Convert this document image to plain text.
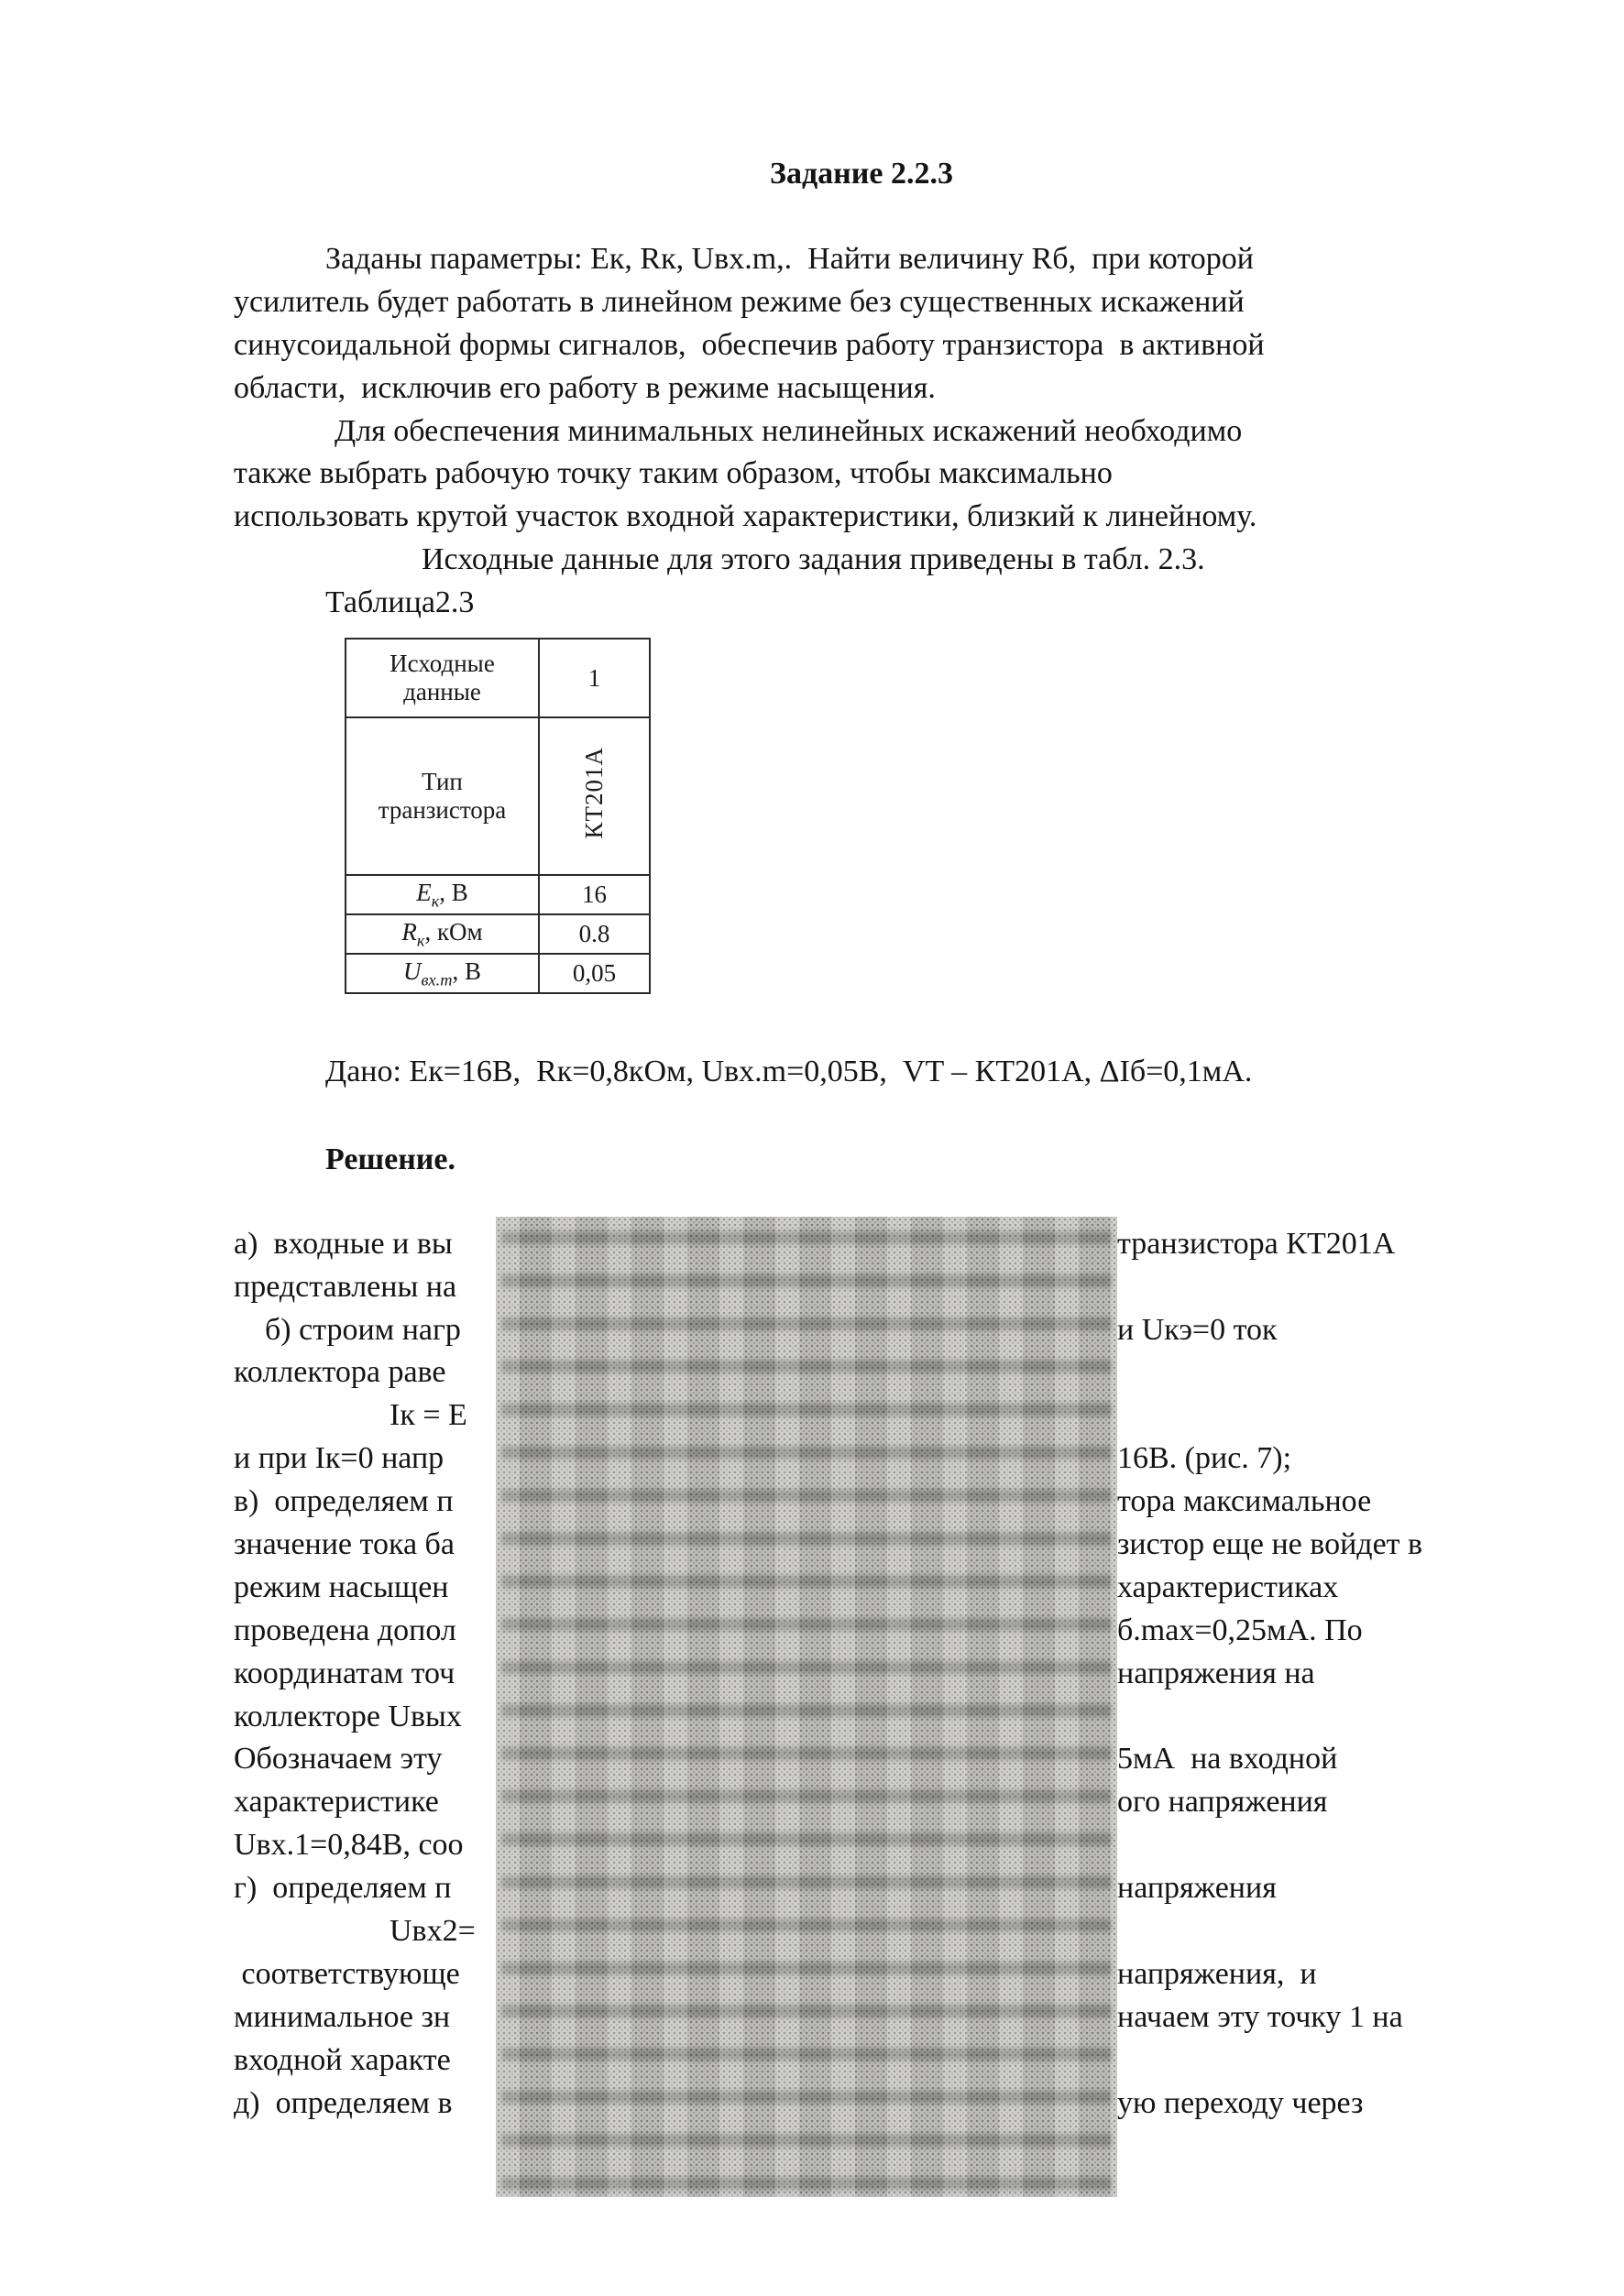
Задание 2.2.3
Заданы параметры: Ек, Rк, Uвх.m,.  Найти величину Rб,  при которой
усилитель будет работать в линейном режиме без существенных искажений
синусоидальной формы сигналов,  обеспечив работу транзистора  в активной
области,  исключив его работу в режиме насыщения.
Для обеспечения минимальных нелинейных искажений необходимо
также выбрать рабочую точку таким образом, чтобы максимально
использовать крутой участок входной характеристики, близкий к линейному.
Исходные данные для этого задания приведены в табл. 2.3.
Таблица2.3
Исходные
данные	1

Тип
транзистора	КТ201А
$E_к$, В	16
$R_к$, кОм	0.8
$U_{вх.m}$, В	0,05
Дано: Ек=16В,  Rк=0,8кОм, Uвх.m=0,05В,  VT – КТ201А, ΔIб=0,1мА.
Решение.
а)  входные и вы	транзистора КТ201А
представлены на
б) строим нагр	и Uкэ=0 ток
коллектора раве
Iк = Е
и при Iк=0 напр	16В. (рис. 7);
в)  определяем п	тора максимальное
значение тока ба	зистор еще не войдет в
режим насыщен	характеристиках
проведена допол	б.max=0,25мА. По
координатам точ	напряжения на
коллекторе Uвых
Обозначаем эту	5мА  на входной
характеристике	ого напряжения
Uвх.1=0,84В, соо
г)  определяем п	напряжения
Uвх2=
соответствующе	напряжения,  и
минимальное зн	начаем эту точку 1 на
входной характе
д)  определяем в	ую переходу через
